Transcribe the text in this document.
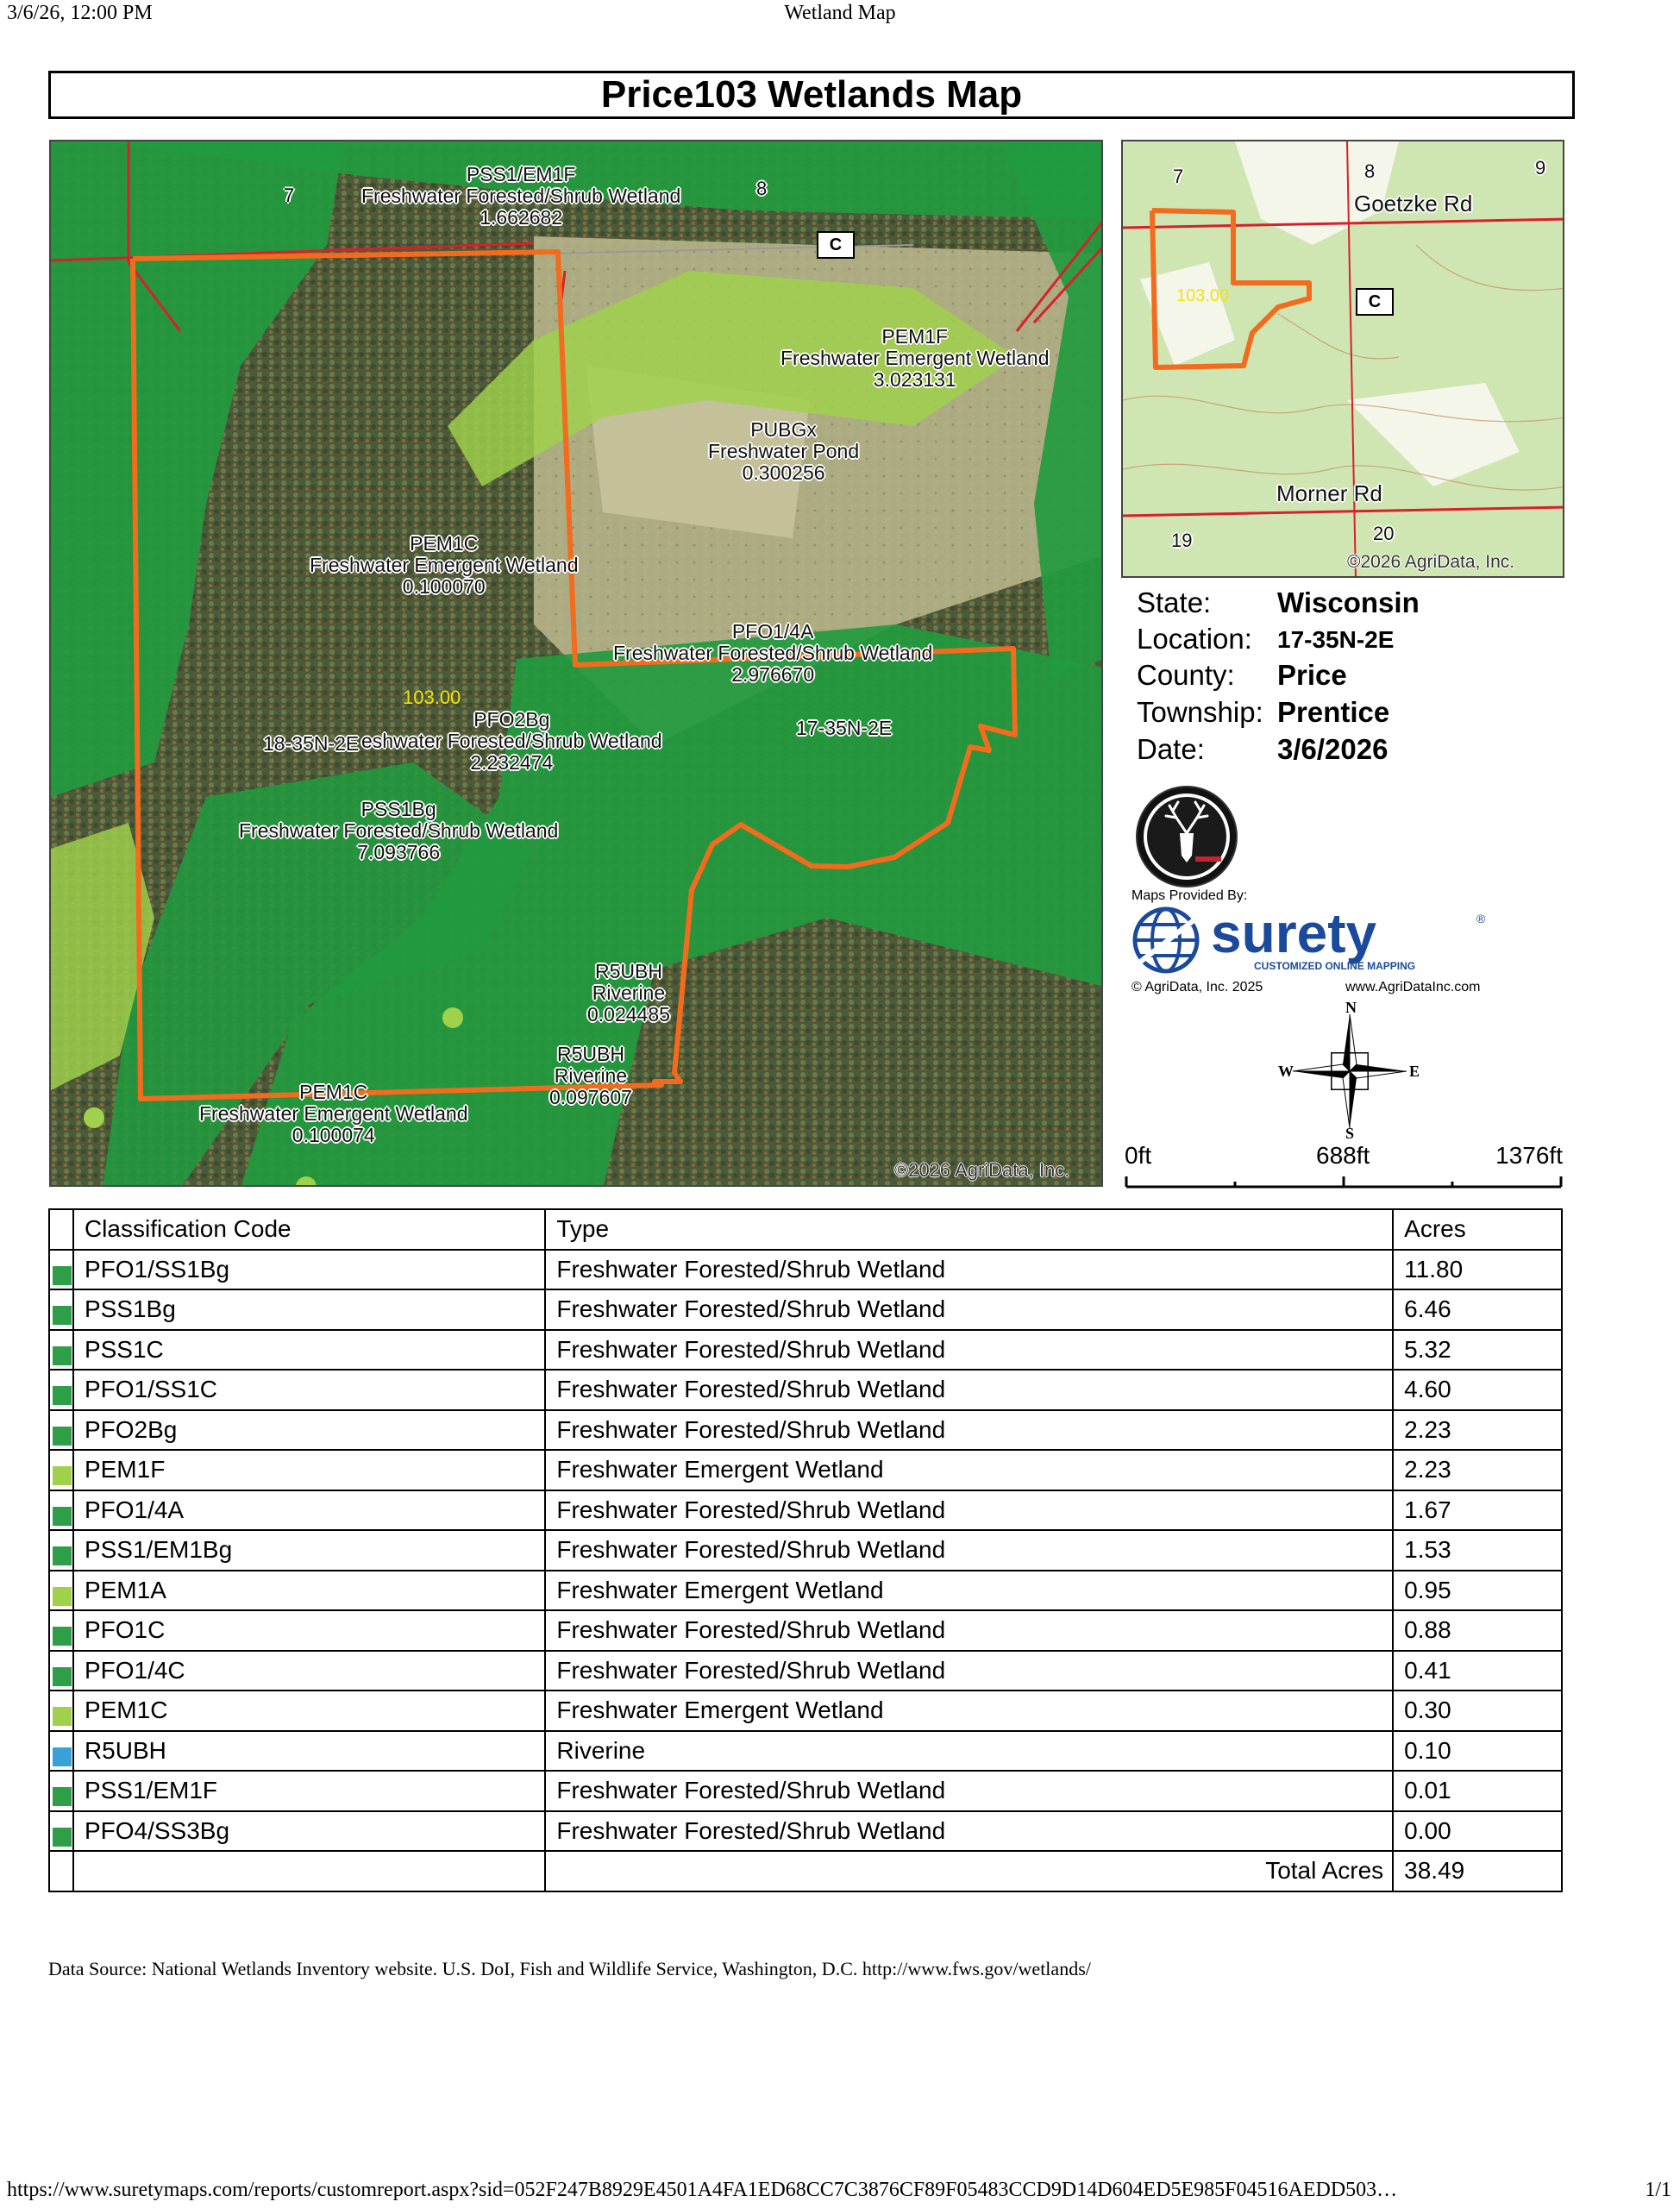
3/6/26, 12:00 PM	Wetland Map
Price103 Wetlands Map
7	8
C
PSS1/EM1F
Freshwater Forested/Shrub Wetland
1.662682
PEM1F
Freshwater Emergent Wetland
3.023131
PUBGx
Freshwater Pond
0.300256
PEM1C
Freshwater Emergent Wetland
0.100070
PFO1/4A
Freshwater Forested/Shrub Wetland
2.976670
PFO2Bg
eshwater Forested/Shrub Wetland
2.232474
PSS1Bg
Freshwater Forested/Shrub Wetland
7.093766
R5UBH
Riverine
0.024485
R5UBH
Riverine
0.097607
PEM1C
Freshwater Emergent Wetland
0.100074
18-35N-2E
17-35N-2E
103.00
©2026 AgriData, Inc.
7	8	9
19	20
Goetzke Rd
Morner Rd
103.00	C
©2026 AgriData, Inc.
State: Wisconsin
Location: 17-35N-2E
County: Price
Township: Prentice
Date:	3/6/2026
Maps Provided By:
surety	®
CUSTOMIZED ONLINE MAPPING
© AgriData, Inc. 2025	www.AgriDataInc.com
N
S
W	E
0ft	688ft	1376ft
	Classification Code	Type	Acres

	PFO1/SS1Bg	Freshwater Forested/Shrub Wetland	11.80

	PSS1Bg	Freshwater Forested/Shrub Wetland	6.46

	PSS1C	Freshwater Forested/Shrub Wetland	5.32

	PFO1/SS1C	Freshwater Forested/Shrub Wetland	4.60

	PFO2Bg	Freshwater Forested/Shrub Wetland	2.23

	PEM1F	Freshwater Emergent Wetland	2.23

	PFO1/4A	Freshwater Forested/Shrub Wetland	1.67

	PSS1/EM1Bg	Freshwater Forested/Shrub Wetland	1.53

	PEM1A	Freshwater Emergent Wetland	0.95

	PFO1C	Freshwater Forested/Shrub Wetland	0.88

	PFO1/4C	Freshwater Forested/Shrub Wetland	0.41

	PEM1C	Freshwater Emergent Wetland	0.30

	R5UBH	Riverine	0.10

	PSS1/EM1F	Freshwater Forested/Shrub Wetland	0.01

	PFO4/SS3Bg	Freshwater Forested/Shrub Wetland	0.00
		Total Acres	38.49
Data Source: National Wetlands Inventory website. U.S. DoI, Fish and Wildlife Service, Washington, D.C. http://www.fws.gov/wetlands/
https://www.suretymaps.com/reports/customreport.aspx?sid=052F247B8929E4501A4FA1ED68CC7C3876CF89F05483CCD9D14D604ED5E985F04516AEDD503…	1/1
